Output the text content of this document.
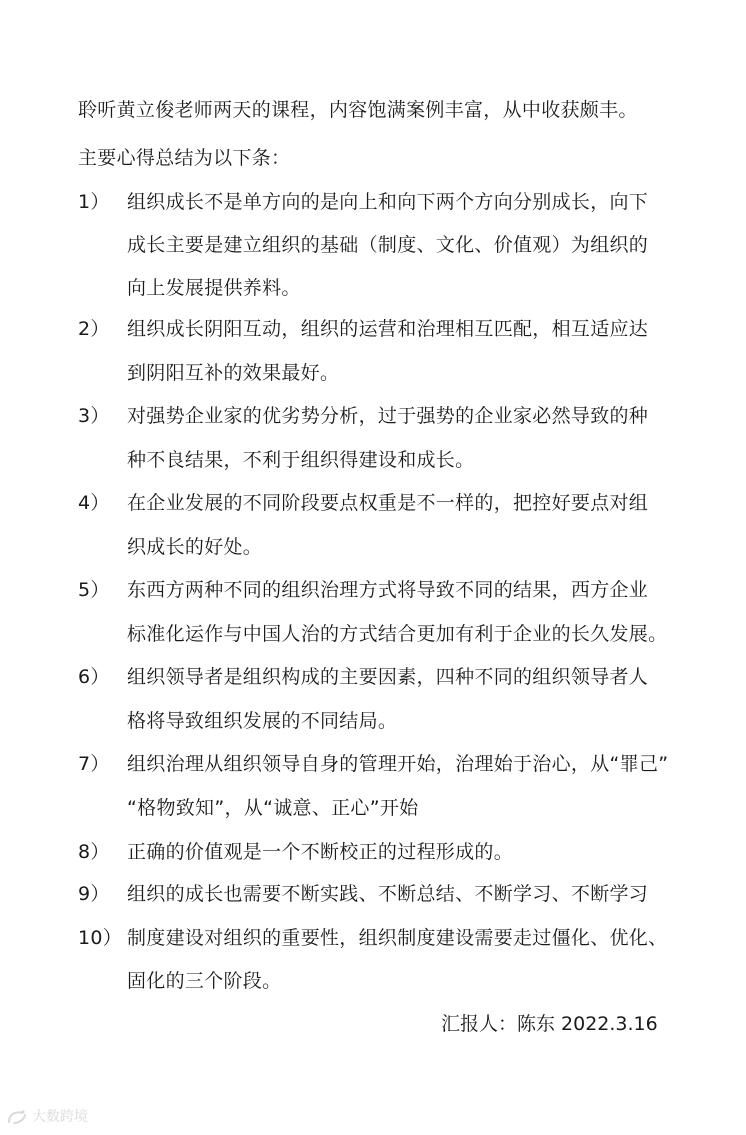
聆听黄立俊老师两天的课程，内容饱满案例丰富，从中收获颇丰。
主要心得总结为以下条：
1） 组织成长不是单方向的是向上和向下两个方向分别成长，向下
成长主要是建立组织的基础（制度、文化、价值观）为组织的
向上发展提供养料。
2） 组织成长阴阳互动，组织的运营和治理相互匹配，相互适应达
到阴阳互补的效果最好。
3） 对强势企业家的优劣势分析，过于强势的企业家必然导致的种
种不良结果，不利于组织得建设和成长。
4） 在企业发展的不同阶段要点权重是不一样的，把控好要点对组
织成长的好处。
5） 东西方两种不同的组织治理方式将导致不同的结果，西方企业
标准化运作与中国人治的方式结合更加有利于企业的长久发展。
6） 组织领导者是组织构成的主要因素，四种不同的组织领导者人
格将导致组织发展的不同结局。
7） 组织治理从组织领导自身的管理开始，治理始于治心，从“罪己”
“格物致知”，从“诚意、正心”开始
8） 正确的价值观是一个不断校正的过程形成的。
9） 组织的成长也需要不断实践、不断总结、不断学习、不断学习
10） 制度建设对组织的重要性，组织制度建设需要走过僵化、优化、
固化的三个阶段。
汇报人：陈东 2022.3.16
大数跨境
